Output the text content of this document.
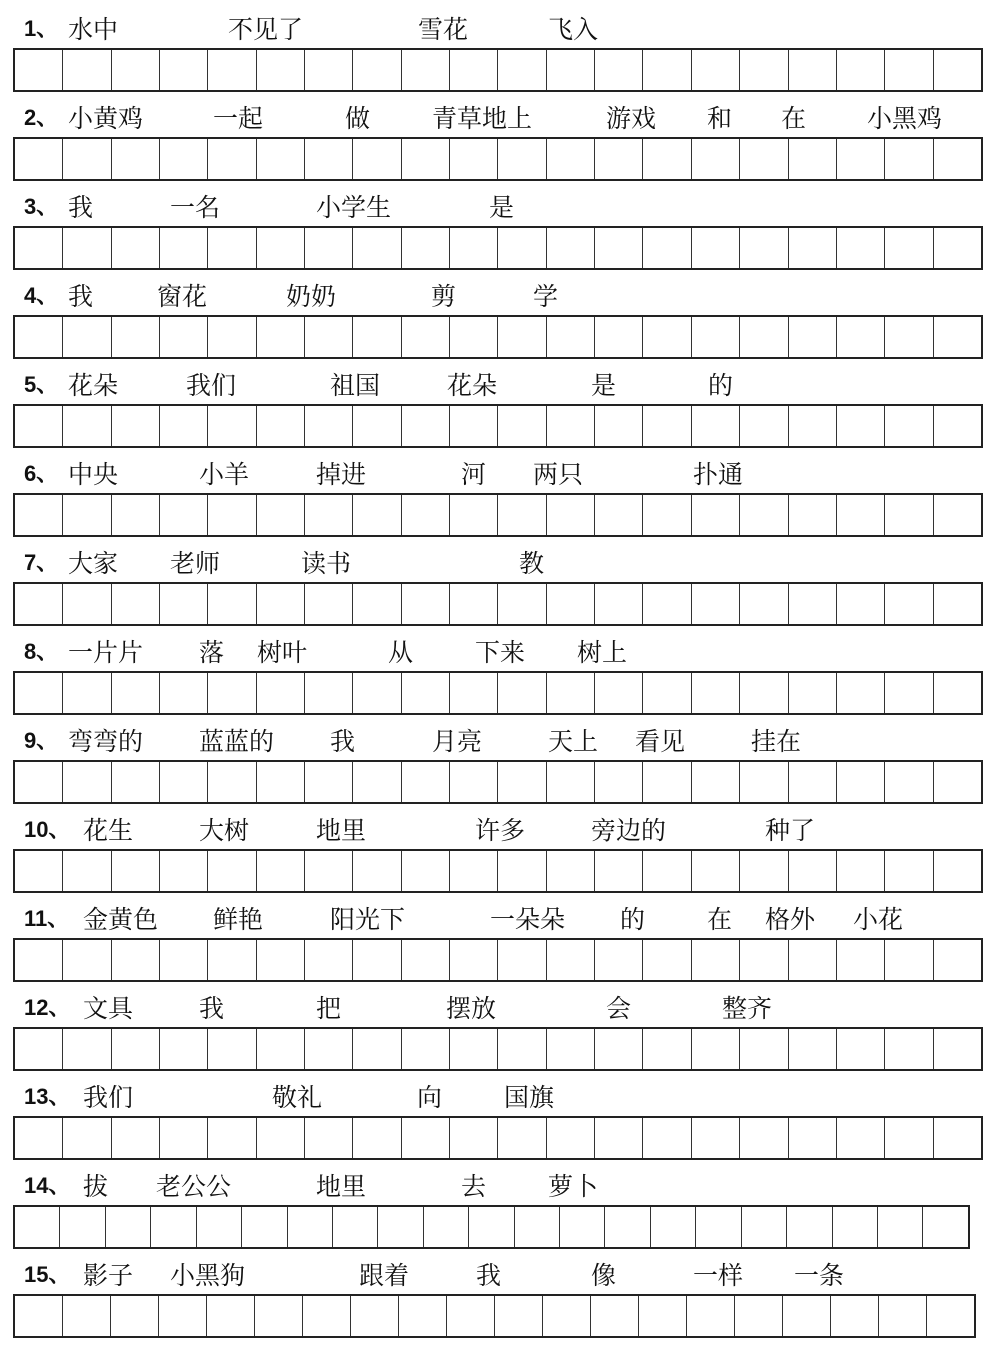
1、 水中	不见了	雪花	飞入
2、 小黄鸡	一起	做 青草地上	游戏 和 在 小黑鸡
3、 我	一名	小学生	是
4、 我	窗花	奶奶	剪	学
5、 花朵	我们	祖国	花朵	是	的
6、 中央	小羊	掉进	河 两只	扑通
7、 大家 老师	读书	教
8、 一片片 落 树叶	从 下来 树上
9、 弯弯的 蓝蓝的 我	月亮	天上 看见	挂在
10、 花生	大树	地里	许多	旁边的	种了
11、 金黄色 鲜艳	阳光下	一朵朵 的 在 格外 小花
12、 文具	我	把	摆放	会	整齐
13、 我们	敬礼	向 国旗
14、 拔 老公公	地里	去 萝卜
15、 影子 小黑狗	跟着	我	像	一样 一条
